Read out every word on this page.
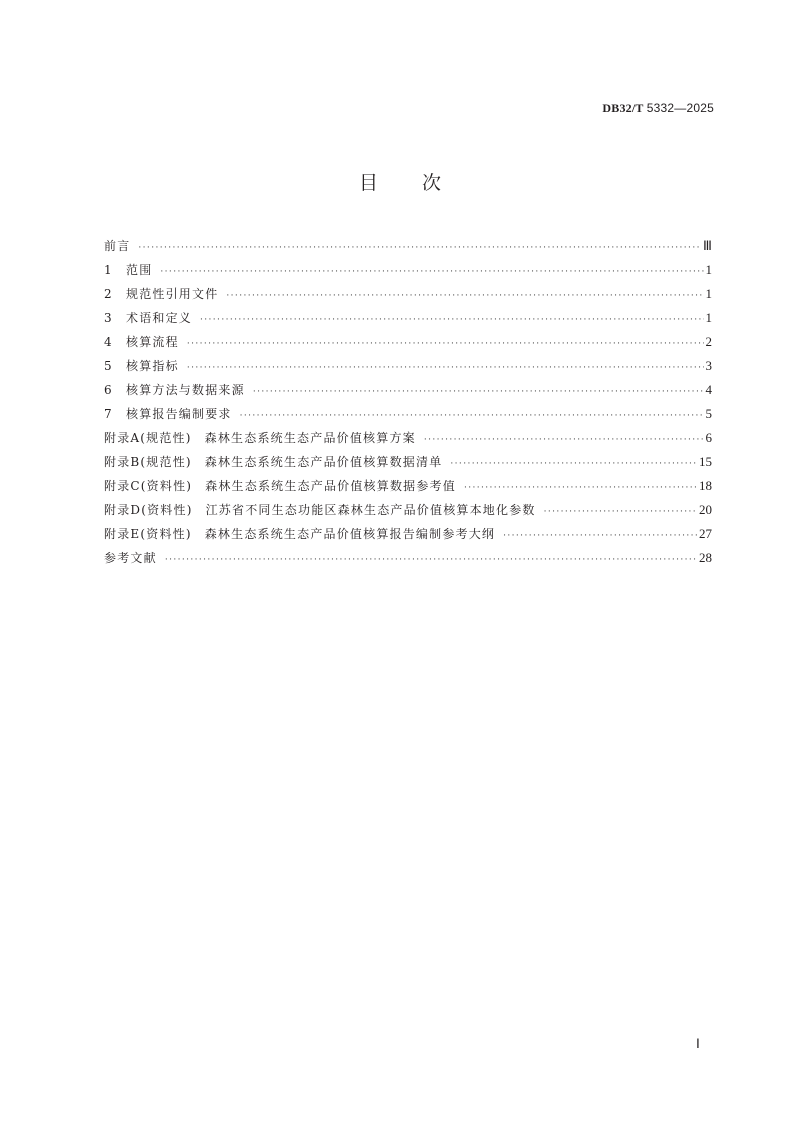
DB32/T 5332—2025
目 次
前言 ·····	Ⅲ
1	范围 ·····	1
2	规范性引用文件 ·····	1
3	术语和定义 ·····	1
4	核算流程 ·····	2
5	核算指标 ·····	3
6	核算方法与数据来源 ·····	4
7	核算报告编制要求 ·····	5
附录A(规范性) 森林生态系统生态产品价值核算方案 ·····	6
附录B(规范性) 森林生态系统生态产品价值核算数据清单 ·····	15
附录C(资料性) 森林生态系统生态产品价值核算数据参考值 ·····	18
附录D(资料性) 江苏省不同生态功能区森林生态产品价值核算本地化参数 ·····	20
附录E(资料性) 森林生态系统生态产品价值核算报告编制参考大纲 ·····	27
参考文献 ·····	28
Ⅰ
